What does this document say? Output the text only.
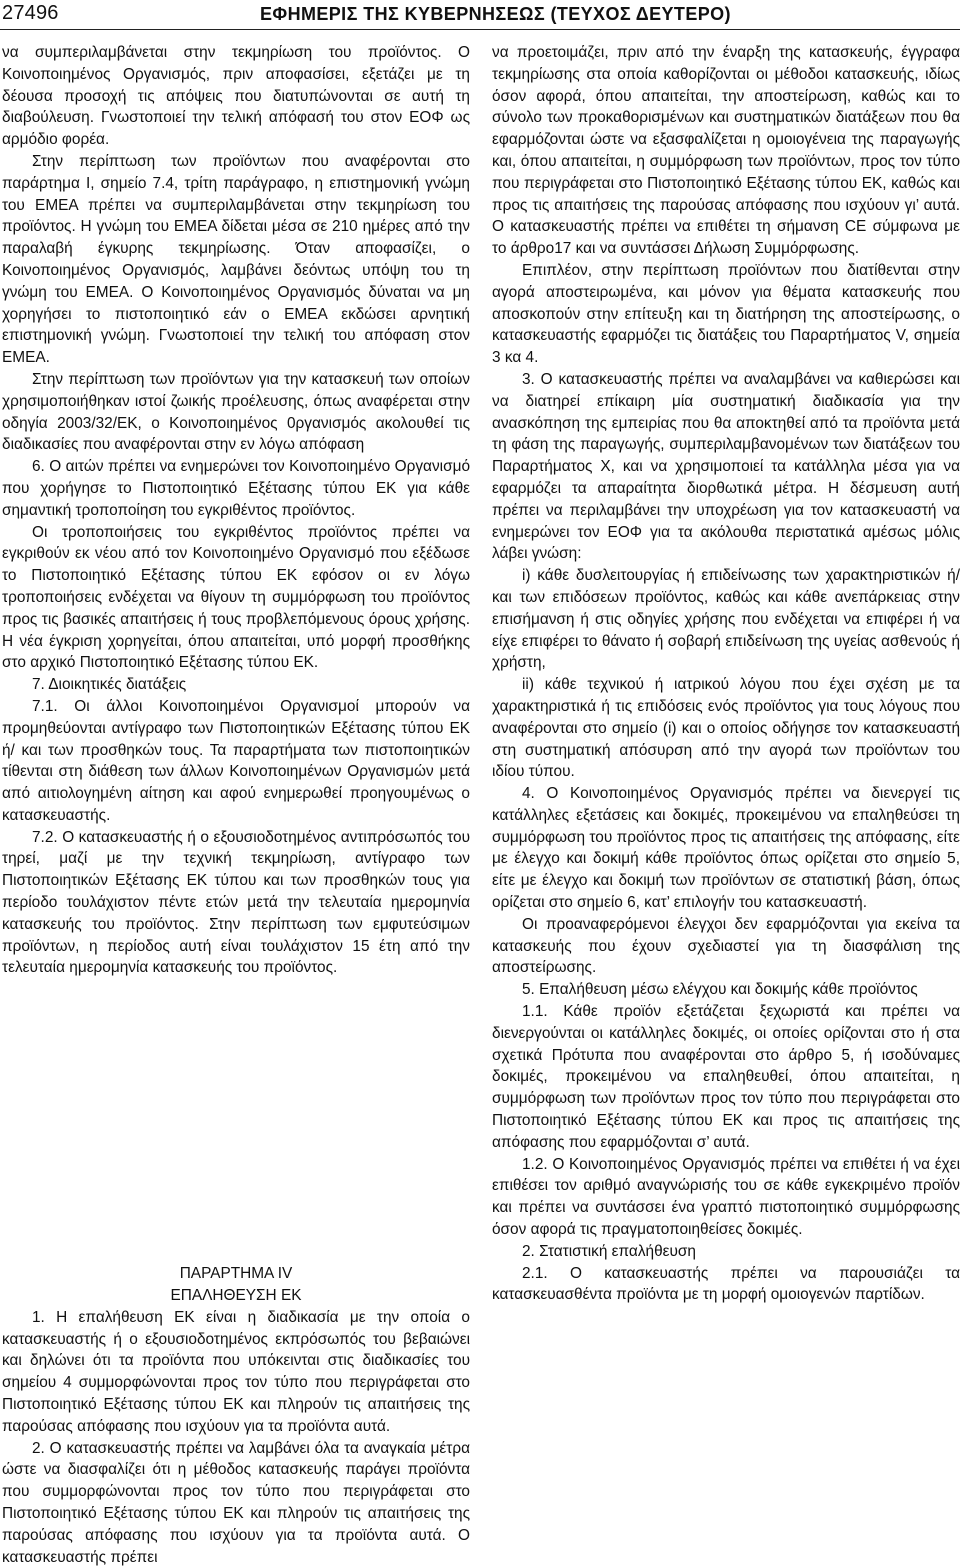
27496	ΕΦΗΜΕΡΙΣ ΤΗΣ ΚΥΒΕΡΝΗΣΕΩΣ (ΤΕΥΧΟΣ ΔΕΥΤΕΡΟ)

να συμπεριλαμβάνεται στην τεκμηρίωση του προϊόντος. Ο Κοινοποιημένος Οργανισμός, πριν αποφασίσει, εξετάζει με τη δέουσα προσοχή τις απόψεις που διατυπώνονται σε αυτή τη διαβούλευση. Γνωστοποιεί την τελική απόφασή του στον ΕΟΦ ως αρμόδιο φορέα.

Στην περίπτωση των προϊόντων που αναφέρονται στο παράρτημα Ι, σημείο 7.4, τρίτη παράγραφο, η επιστημονική γνώμη του ΕΜΕΑ πρέπει να συμπεριλαμβάνεται στην τεκμηρίωση του προϊόντος. Η γνώμη του ΕΜΕΑ δίδεται μέσα σε 210 ημέρες από την παραλαβή έγκυρης τεκμηρίωσης. Όταν αποφασίζει, ο Κοινοποιημένος Οργανισμός, λαμβάνει δεόντως υπόψη του τη γνώμη του ΕΜΕΑ. Ο Κοινοποιημένος Οργανισμός δύναται να μη χορηγήσει το πιστοποιητικό εάν ο ΕΜΕΑ εκδώσει αρνητική επιστημονική γνώμη. Γνωστοποιεί την τελική του απόφαση στον ΕΜΕΑ.

Στην περίπτωση των προϊόντων για την κατασκευή των οποίων χρησιμοποιήθηκαν ιστοί ζωικής προέλευσης, όπως αναφέρεται στην οδηγία 2003/32/ΕΚ, ο Κοινοποιημένος 0ργανισμός ακολουθεί τις διαδικασίες που αναφέρονται στην εν λόγω απόφαση

6. Ο αιτών πρέπει να ενημερώνει τον Κοινοποιημένο Οργανισμό που χορήγησε το Πιστοποιητικό Εξέτασης τύπου ΕΚ για κάθε σημαντική τροποποίηση του εγκριθέντος προϊόντος.

Οι τροποποιήσεις του εγκριθέντος προϊόντος πρέπει να εγκριθούν εκ νέου από τον Κοινοποιημένο Οργανισμό που εξέδωσε το Πιστοποιητικό Εξέτασης τύπου ΕΚ εφόσον οι εν λόγω τροποποιήσεις ενδέχεται να θίγουν τη συμμόρφωση του προϊόντος προς τις βασικές απαιτήσεις ή τους προβλεπόμενους όρους χρήσης. Η νέα έγκριση χορηγείται, όπου απαιτείται, υπό μορφή προσθήκης στο αρχικό Πιστοποιητικό Εξέτασης τύπου ΕΚ.

7. Διοικητικές διατάξεις

7.1. Οι άλλοι Κοινοποιημένοι Οργανισμοί μπορούν να προμηθεύονται αντίγραφο των Πιστοποιητικών Εξέτασης τύπου ΕΚ ή/ και των προσθηκών τους. Τα παραρτήματα των πιστοποιητικών τίθενται στη διάθεση των άλλων Κοινοποιημένων Οργανισμών μετά από αιτιολογημένη αίτηση και αφού ενημερωθεί προηγουμένως ο κατασκευαστής.

7.2. Ο κατασκευαστής ή ο εξουσιοδοτημένος αντιπρόσωπός του τηρεί, μαζί με την τεχνική τεκμηρίωση, αντίγραφο των Πιστοποιητικών Εξέτασης ΕΚ τύπου και των προσθηκών τους για περίοδο τουλάχιστον πέντε ετών μετά την τελευταία ημερομηνία κατασκευής του προϊόντος. Στην περίπτωση των εμφυτεύσιμων προϊόντων, η περίοδος αυτή είναι τουλάχιστον 15 έτη από την τελευταία ημερομηνία κατασκευής του προϊόντος.

ΠΑΡΑΡΤΗΜΑ IV

ΕΠΑΛΗΘΕΥΣΗ ΕΚ

1. Η επαλήθευση ΕΚ είναι η διαδικασία με την οποία ο κατασκευαστής ή ο εξουσιοδοτημένος εκπρόσωπός του βεβαιώνει και δηλώνει ότι τα προϊόντα που υπόκεινται στις διαδικασίες του σημείου 4 συμμορφώνονται προς τον τύπο που περιγράφεται στο Πιστοποιητικό Εξέτασης τύπου ΕΚ και πληρούν τις απαιτήσεις της παρούσας απόφασης που ισχύουν για τα προϊόντα αυτά.

2. Ο κατασκευαστής πρέπει να λαμβάνει όλα τα αναγκαία μέτρα ώστε να διασφαλίζει ότι η μέθοδος κατασκευής παράγει προϊόντα που συμμορφώνονται προς τον τύπο που περιγράφεται στο Πιστοποιητικό Εξέτασης τύπου ΕΚ και πληρούν τις απαιτήσεις της παρούσας απόφασης που ισχύουν για τα προϊόντα αυτά. Ο κατασκευαστής πρέπει

να προετοιμάζει, πριν από την έναρξη της κατασκευής, έγγραφα τεκμηρίωσης στα οποία καθορίζονται οι μέθοδοι κατασκευής, ιδίως όσον αφορά, όπου απαιτείται, την αποστείρωση, καθώς και το σύνολο των προκαθορισμένων και συστηματικών διατάξεων που θα εφαρμόζονται ώστε να εξασφαλίζεται η ομοιογένεια της παραγωγής και, όπου απαιτείται, η συμμόρφωση των προϊόντων, προς τον τύπο που περιγράφεται στο Πιστοποιητικό Εξέτασης τύπου ΕΚ, καθώς και προς τις απαιτήσεις της παρούσας απόφασης που ισχύουν γι’ αυτά. Ο κατασκευαστής πρέπει να επιθέτει τη σήμανση CE σύμφωνα με το άρθρο17 και να συντάσσει Δήλωση Συμμόρφωσης.

Επιπλέον, στην περίπτωση προϊόντων που διατίθενται στην αγορά αποστειρωμένα, και μόνον για θέματα κατασκευής που αποσκοπούν στην επίτευξη και τη διατήρηση της αποστείρωσης, ο κατασκευαστής εφαρμόζει τις διατάξεις του Παραρτήματος V, σημεία 3 κα 4.

3. Ο κατασκευαστής πρέπει να αναλαμβάνει να καθιερώσει και να διατηρεί επίκαιρη μία συστηματική διαδικασία για την ανασκόπηση της εμπειρίας που θα αποκτηθεί από τα προϊόντα μετά τη φάση της παραγωγής, συμπεριλαμβανομένων των διατάξεων του Παραρτήματος Χ, και να χρησιμοποιεί τα κατάλληλα μέσα για να εφαρμόζει τα απαραίτητα διορθωτικά μέτρα. Η δέσμευση αυτή πρέπει να περιλαμβάνει την υποχρέωση για τον κατασκευαστή να ενημερώνει τον ΕΟΦ για τα ακόλουθα περιστατικά αμέσως μόλις λάβει γνώση:

i) κάθε δυσλειτουργίας ή επιδείνωσης των χαρακτηριστικών ή/και των επιδόσεων προϊόντος, καθώς και κάθε ανεπάρκειας στην επισήμανση ή στις οδηγίες χρήσης που ενδέχεται να επιφέρει ή να είχε επιφέρει το θάνατο ή σοβαρή επιδείνωση της υγείας ασθενούς ή χρήστη,

ii) κάθε τεχνικού ή ιατρικού λόγου που έχει σχέση με τα χαρακτηριστικά ή τις επιδόσεις ενός προϊόντος για τους λόγους που αναφέρονται στο σημείο (i) και ο οποίος οδήγησε τον κατασκευαστή στη συστηματική απόσυρση από την αγορά των προϊόντων του ιδίου τύπου.

4. Ο Κοινοποιημένος Οργανισμός πρέπει να διενεργεί τις κατάλληλες εξετάσεις και δοκιμές, προκειμένου να επαληθεύσει τη συμμόρφωση του προϊόντος προς τις απαιτήσεις της απόφασης, είτε με έλεγχο και δοκιμή κάθε προϊόντος όπως ορίζεται στο σημείο 5, είτε με έλεγχο και δοκιμή των προϊόντων σε στατιστική βάση, όπως ορίζεται στο σημείο 6, κατ’ επιλογήν του κατασκευαστή.

Οι προαναφερόμενοι έλεγχοι δεν εφαρμόζονται για εκείνα τα κατασκευής που έχουν σχεδιαστεί για τη διασφάλιση της αποστείρωσης.

5. Επαλήθευση μέσω ελέγχου και δοκιμής κάθε προϊόντος

1.1. Κάθε προϊόν εξετάζεται ξεχωριστά και πρέπει να διενεργούνται οι κατάλληλες δοκιμές, οι οποίες ορίζονται στο ή στα σχετικά Πρότυπα που αναφέρονται στο άρθρο 5, ή ισοδύναμες δοκιμές, προκειμένου να επαληθευθεί, όπου απαιτείται, η συμμόρφωση των προϊόντων προς τον τύπο που περιγράφεται στο Πιστοποιητικό Εξέτασης τύπου ΕΚ και προς τις απαιτήσεις της απόφασης που εφαρμόζονται σ’ αυτά.

1.2. Ο Κοινοποιημένος Οργανισμός πρέπει να επιθέτει ή να έχει επιθέσει τον αριθμό αναγνώρισής του σε κάθε εγκεκριμένο προϊόν και πρέπει να συντάσσει ένα γραπτό πιστοποιητικό συμμόρφωσης όσον αφορά τις πραγματοποιηθείσες δοκιμές.

2. Στατιστική επαλήθευση

2.1. Ο κατασκευαστής πρέπει να παρουσιάζει τα κατασκευασθέντα προϊόντα με τη μορφή ομοιογενών παρτίδων.
